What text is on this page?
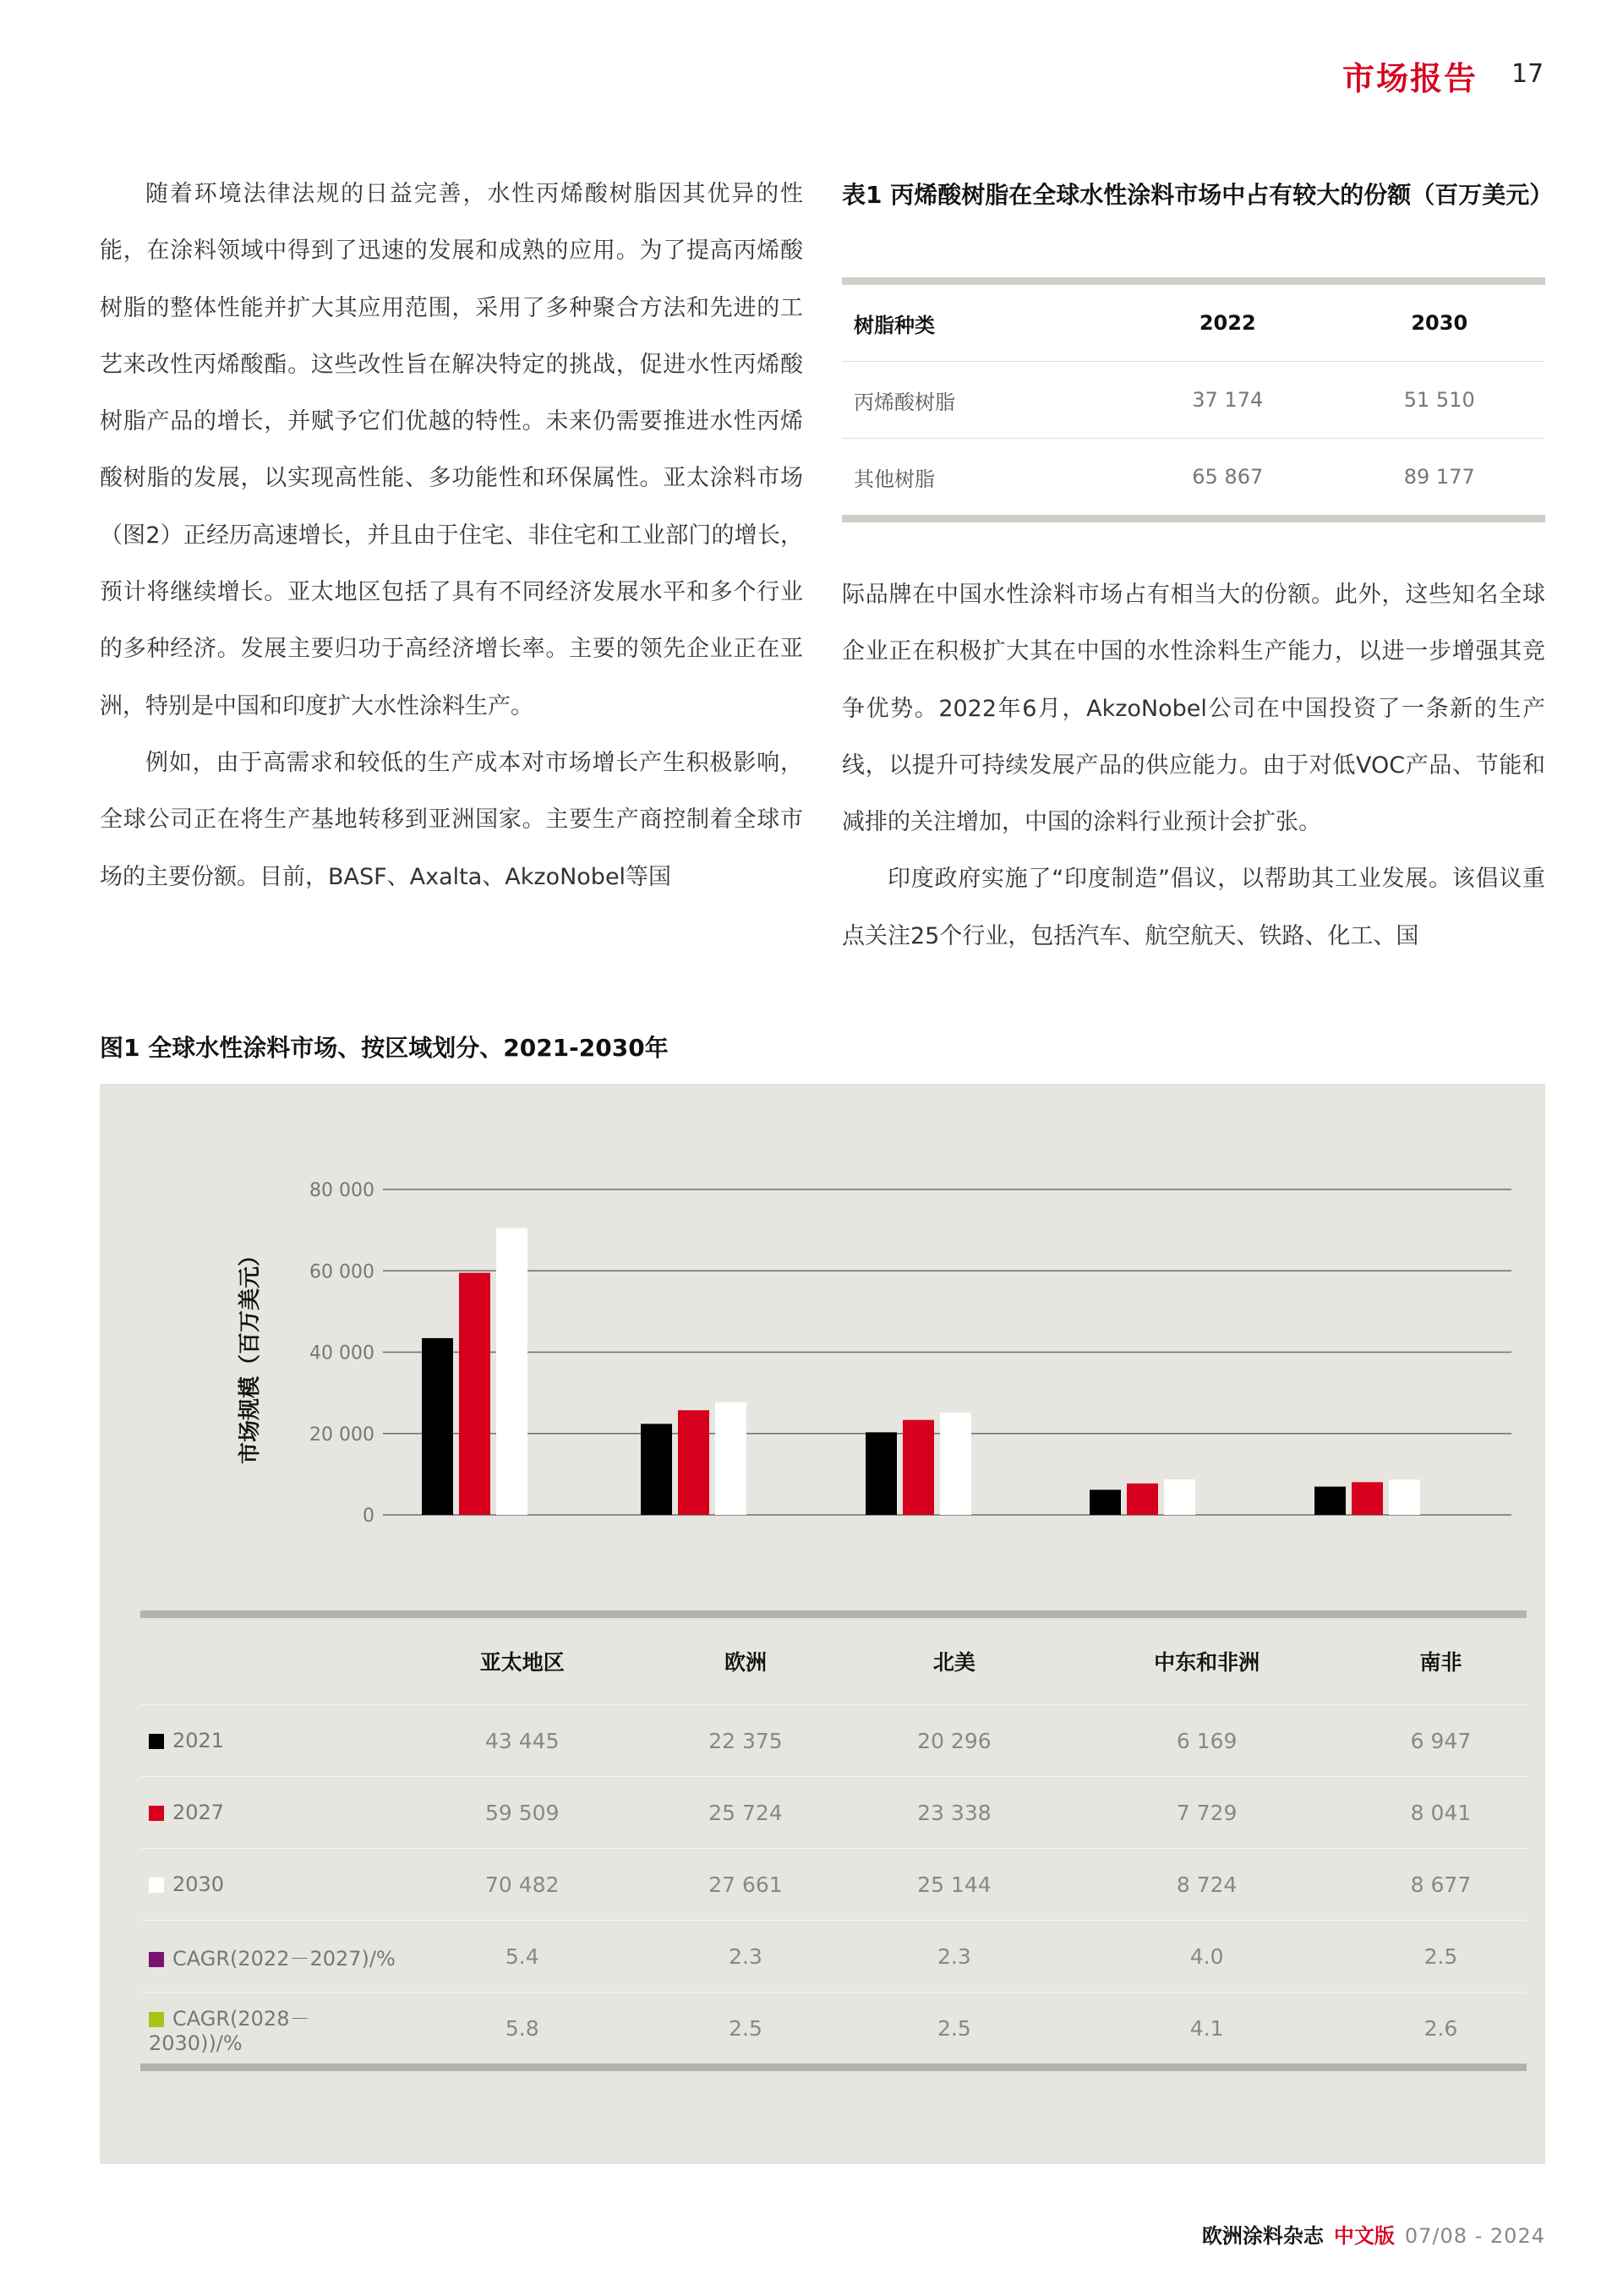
市场报告 17

随着环境法律法规的日益完善，水性丙烯酸树脂因其优异的性能，在涂料领域中得到了迅速的发展和成熟的应用。为了提高丙烯酸树脂的整体性能并扩大其应用范围，采用了多种聚合方法和先进的工艺来改性丙烯酸酯。这些改性旨在解决特定的挑战，促进水性丙烯酸树脂产品的增长，并赋予它们优越的特性。未来仍需要推进水性丙烯酸树脂的发展，以实现高性能、多功能性和环保属性。亚太涂料市场（图2）正经历高速增长，并且由于住宅、非住宅和工业部门的增长，预计将继续增长。亚太地区包括了具有不同经济发展水平和多个行业的多种经济。发展主要归功于高经济增长率。主要的领先企业正在亚洲，特别是中国和印度扩大水性涂料生产。

例如，由于高需求和较低的生产成本对市场增长产生积极影响，全球公司正在将生产基地转移到亚洲国家。主要生产商控制着全球市场的主要份额。目前，BASF、Axalta、AkzoNobel等国

表1 丙烯酸树脂在全球水性涂料市场中占有较大的份额（百万美元）
树脂种类	2022	2030
丙烯酸树脂	37 174	51 510
其他树脂	65 867	89 177

际品牌在中国水性涂料市场占有相当大的份额。此外，这些知名全球企业正在积极扩大其在中国的水性涂料生产能力，以进一步增强其竞争优势。2022年6月，AkzoNobel公司在中国投资了一条新的生产线，以提升可持续发展产品的供应能力。由于对低VOC产品、节能和减排的关注增加，中国的涂料行业预计会扩张。

印度政府实施了“印度制造”倡议，以帮助其工业发展。该倡议重点关注25个行业，包括汽车、航空航天、铁路、化工、国

图1 全球水性涂料市场、按区域划分、2021-2030年
0
20 000
40 000
60 000
80 000
市场规模（百万美元）
	亚太地区	欧洲	北美	中东和非洲	南非
2021	43 445	22 375	20 296	6 169	6 947
2027	59 509	25 724	23 338	7 729	8 041
2030	70 482	27 661	25 144	8 724	8 677
CAGR(2022－2027)/%	5.4	2.3	2.3	4.0	2.5
CAGR(2028－2030))/%	5.8	2.5	2.5	4.1	2.6
欧洲涂料杂志 中文版 07/08 - 2024
